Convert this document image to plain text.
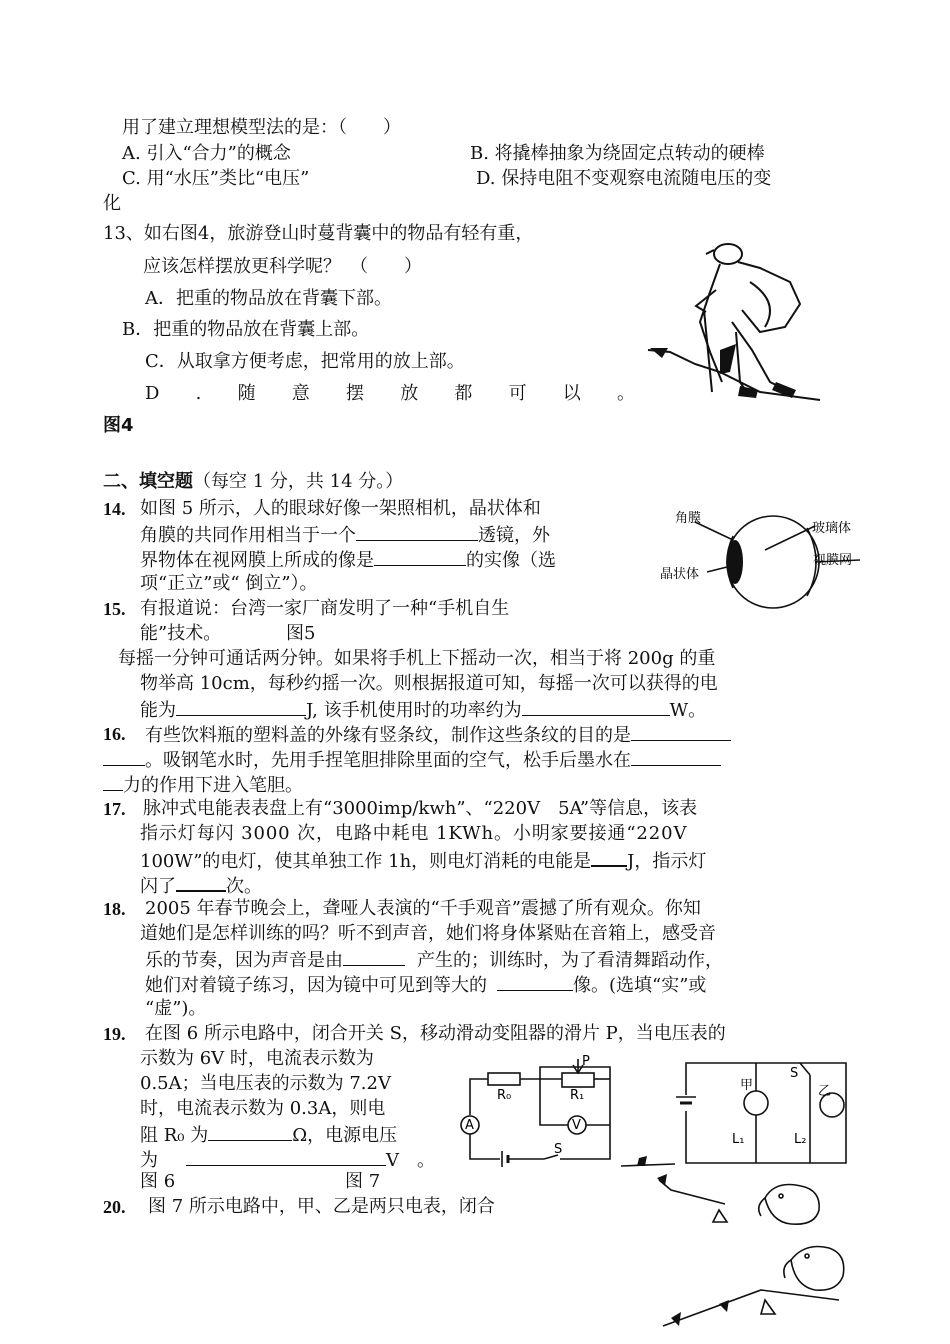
用了建立理想模型法的是：（　　）
A. 引入“合力”的概念	B. 将撬棒抽象为绕固定点转动的硬棒
C. 用“水压”类比“电压”	D. 保持电阻不变观察电流随电压的变
化
13、如右图4，旅游登山时蔓背囊中的物品有轻有重，
应该怎样摆放更科学呢？　（　　）
A．把重的物品放在背囊下部。
B．把重的物品放在背囊上部。
C．从取拿方便考虑，把常用的放上部。
D . 随 意 摆 放 都 可 以 。
图4
二、填空题（每空 1 分，共 14 分。）
14. 如图 5 所示，人的眼球好像一架照相机，晶状体和
角膜的共同作用相当于一个	透镜，外
界物体在视网膜上所成的像是	的实像（选
项“正立”或“ 倒立”）。
玻璃体
角膜
视膜网
晶状体
15. 有报道说：台湾一家厂商发明了一种“手机自生
能”技术。	图5
每摇一分钟可通话两分钟。如果将手机上下摇动一次，相当于将 200g 的重
物举高 10cm，每秒约摇一次。则根据报道可知，每摇一次可以获得的电
能为	J, 该手机使用时的功率约为	W。
16. 有些饮料瓶的塑料盖的外缘有竖条纹，制作这些条纹的目的是
。吸钢笔水时，先用手捏笔胆排除里面的空气，松手后墨水在
力的作用下进入笔胆。
17. 脉冲式电能表表盘上有“3000imp/kwh”、“220V　5A”等信息，该表
指示灯每闪 3000 次，电路中耗电 1KWh。小明家要接通“220V
100W”的电灯，使其单独工作 1h，则电灯消耗的电能是 J，指示灯
闪了	次。
18. 2005 年春节晚会上，聋哑人表演的“千手观音”震撼了所有观众。你知
道她们是怎样训练的吗？听不到声音，她们将身体紧贴在音箱上，感受音
乐的节奏，因为声音是由	产生的；训练时，为了看清舞蹈动作，
她们对着镜子练习，因为镜中可见到等大的	像。(选填“实”或
“虚”)。
19. 在图 6 所示电路中，闭合开关 S，移动滑动变阻器的滑片 P，当电压表的
示数为 6V 时，电流表示数为
0.5A；当电压表的示数为 7.2V
时，电流表示数为 0.3A，则电
阻 R₀ 为	Ω，电源电压
为	V　。
图 6	图 7
R₀	R₁
P
A	V
S
甲	乙
S
L₁	L₂
20. 图 7 所示电路中，甲、乙是两只电表，闭合
